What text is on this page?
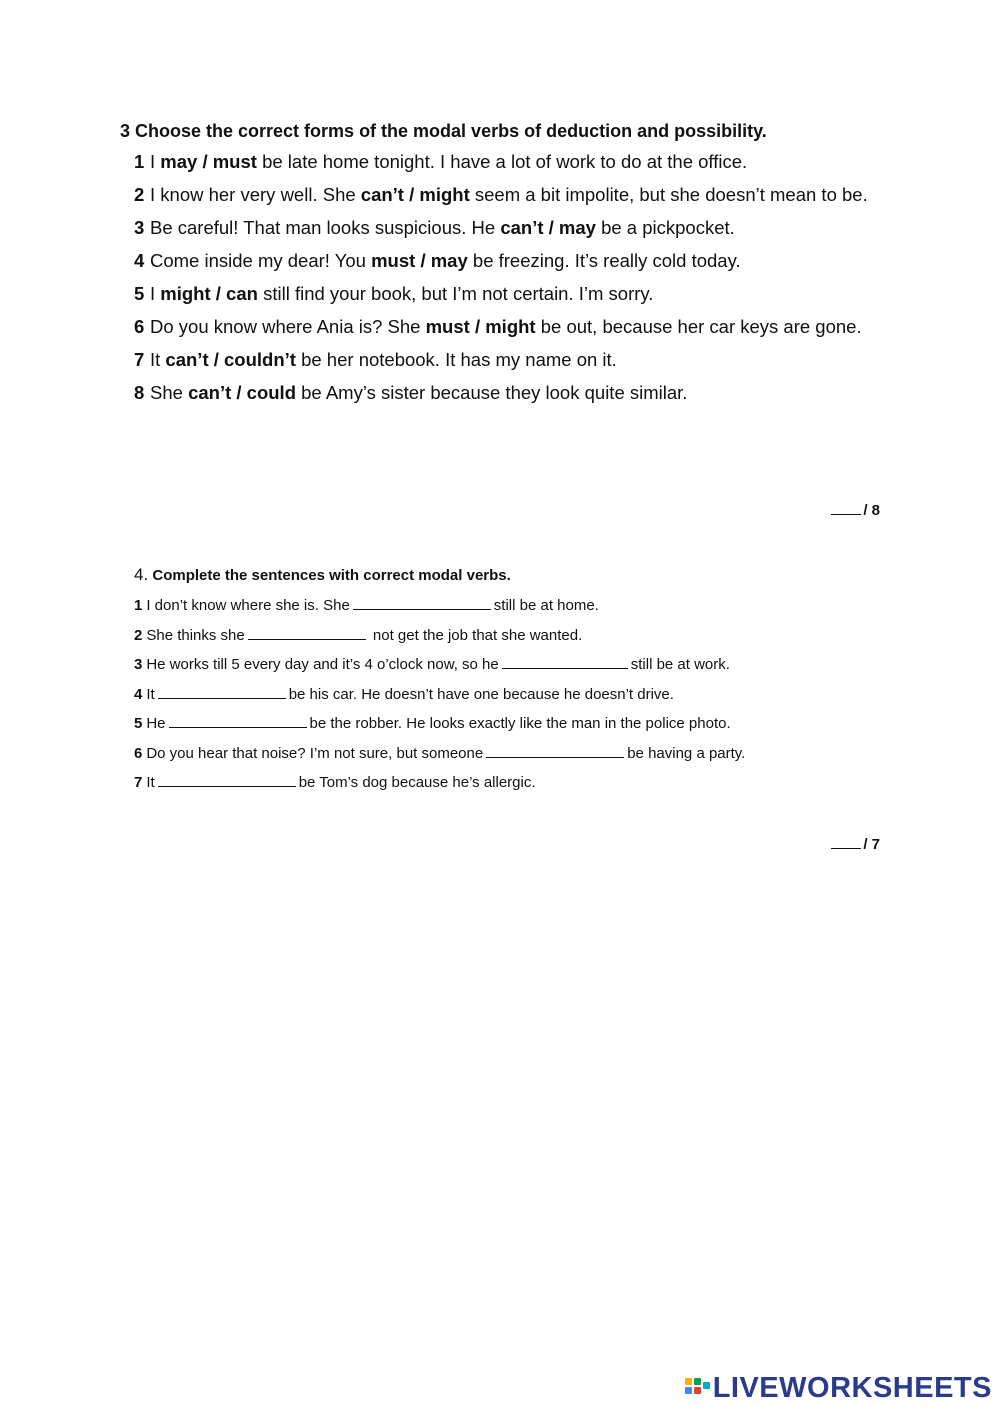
3 Choose the correct forms of the modal verbs of deduction and possibility.
1 I may / must be late home tonight. I have a lot of work to do at the office.
2 I know her very well. She can’t / might seem a bit impolite, but she doesn’t mean to be.
3 Be careful! That man looks suspicious. He can’t / may be a pickpocket.
4 Come inside my dear! You must / may be freezing. It’s really cold today.
5 I might / can still find your book, but I’m not certain. I’m sorry.
6 Do you know where Ania is? She must / might be out, because her car keys are gone.
7 It can’t / couldn’t be her notebook. It has my name on it.
8 She can’t / could be Amy’s sister because they look quite similar.
/ 8
4. Complete the sentences with correct modal verbs.
1 I don’t know where she is. She	still be at home.
2 She thinks she	not get the job that she wanted.
3 He works till 5 every day and it’s 4 o’clock now, so he	still be at work.
4 It	be his car. He doesn’t have one because he doesn’t drive.
5 He	be the robber. He looks exactly like the man in the police photo.
6 Do you hear that noise? I’m not sure, but someone	be having a party.
7 It	be Tom’s dog because he’s allergic.
/ 7
LIVEWORKSHEETS
